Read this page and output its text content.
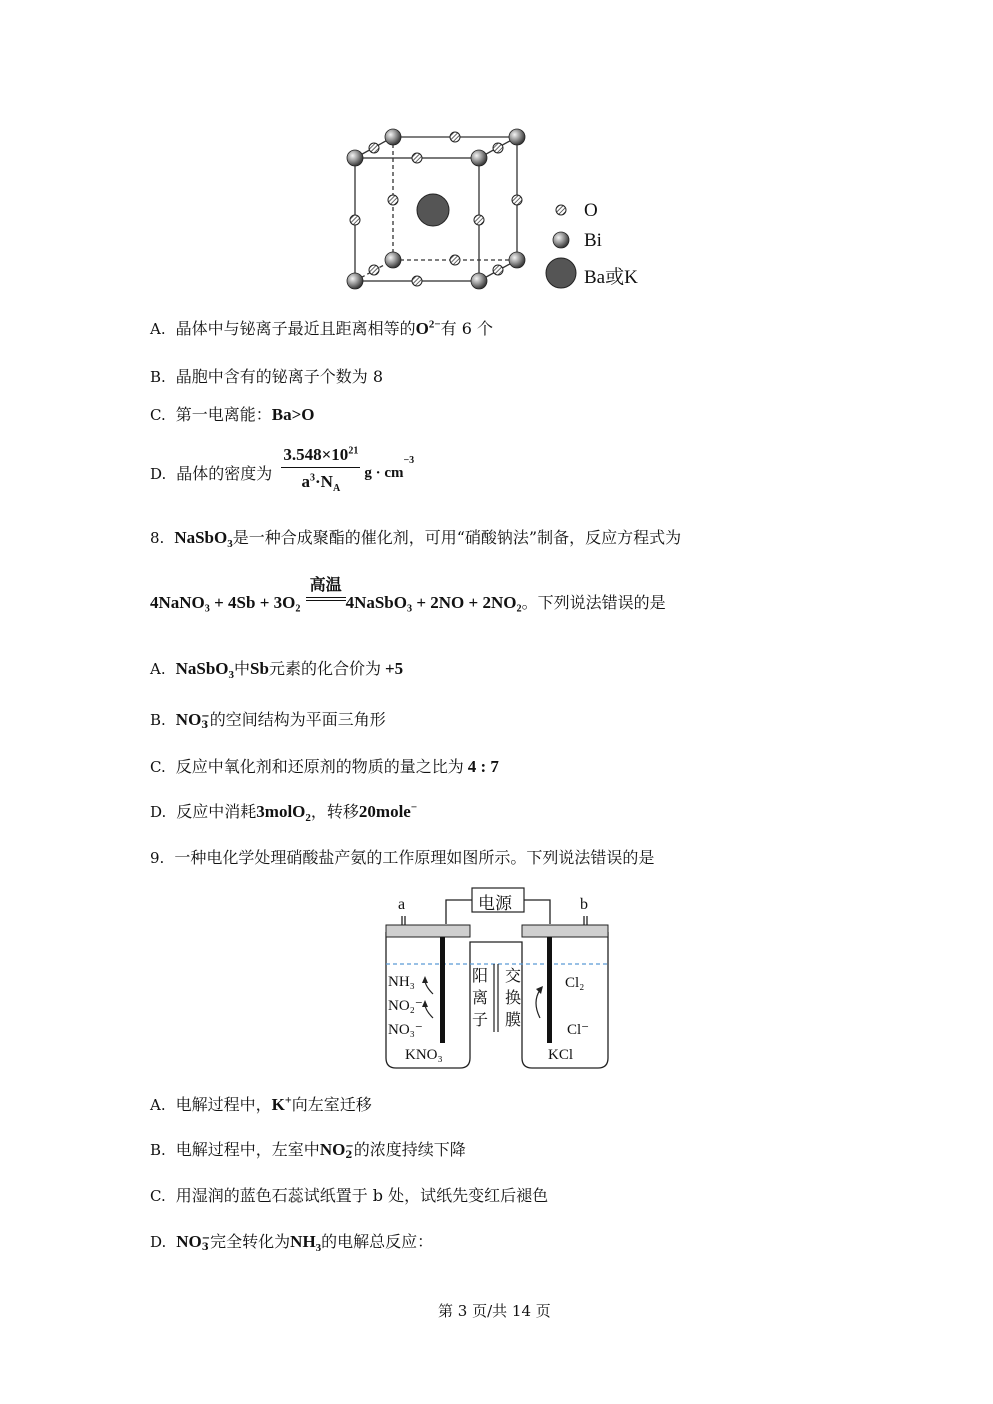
O
Bi
Ba或K
A. 晶体中与铋离子最近且距离相等的$O^{2-}$有 6 个
B. 晶胞中含有的铋离子个数为 8
C. 第一电离能：Ba>O
D. 晶体的密度为 $\frac{3.548\times 10^{21}}{a^3\cdot N_A}$ $g \cdot cm^{-3}$
8. NaSbO$_3$是一种合成聚酯的催化剂，可用“硝酸钠法”制备，反应方程式为
4NaNO₃ + 4Sb + 3O₂
高温
4NaSbO₃ + 2NO + 2NO₂。下列说法错误的是
A. NaSbO$_3$中Sb元素的化合价为 +5
B. NO −
3 的空间结构为平面三角形
C. 反应中氧化剂和还原剂的物质的量之比为 4 : 7
D. 反应中消耗3molO$_2$，转移20mole−
9. 一种电化学处理硝酸盐产氨的工作原理如图所示。下列说法错误的是
电源
a	b
阳
离
子
交
换
膜
NH₃
NO₂⁻
NO₃⁻
KNO₃
Cl₂
Cl⁻
KCl
A. 电解过程中，K+向左室迁移
B. 电解过程中，左室中NO −
2 的浓度持续下降
C. 用湿润的蓝色石蕊试纸置于 b 处，试纸先变红后褪色
D. NO −
3 完全转化为$NH_3$的电解总反应：
第 3 页/共 14 页
